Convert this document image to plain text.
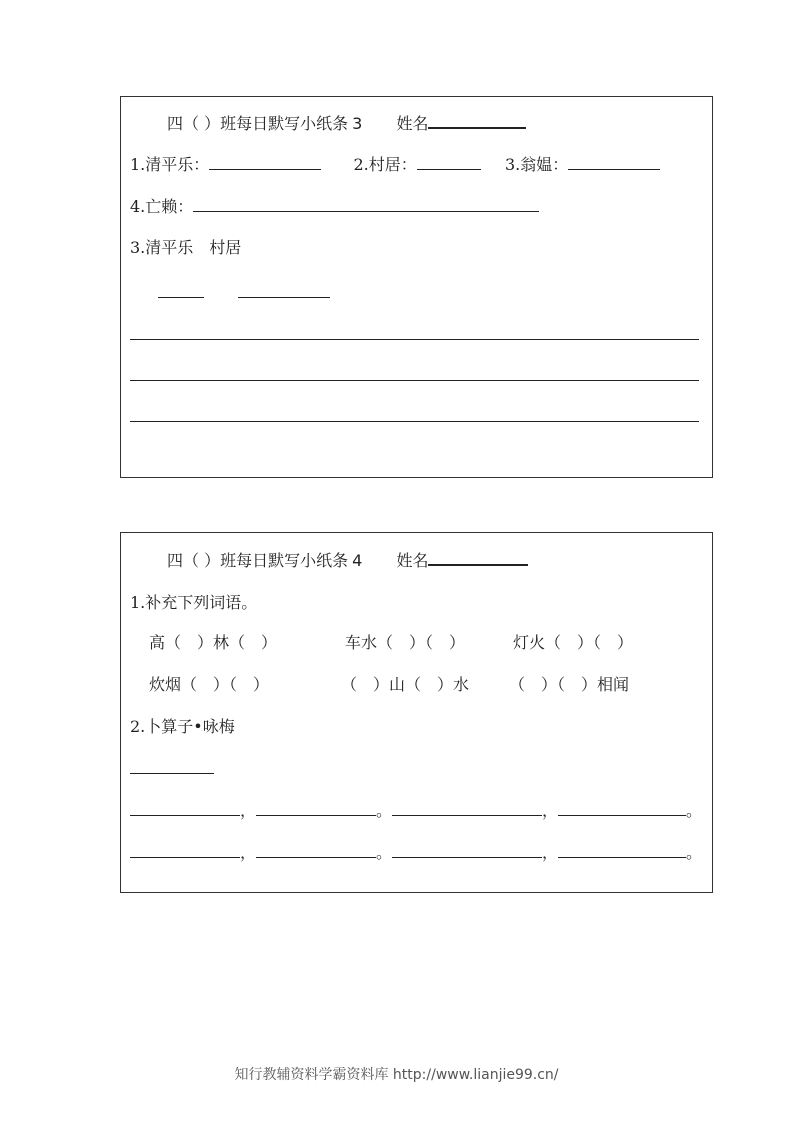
四（ ）班每日默写小纸条 3 姓名
1.清平乐：	2.村居：	3.翁媪：
4.亡赖：
3.清平乐　村居

四（ ）班每日默写小纸条 4 姓名
1.补充下列词语。
高（　）林（　）	车水（　）（　）	灯火（　）（　）
炊烟（　）（　）	（　）山（　）水 （　）（　）相闻
2.卜算子•咏梅
，	。	，	。
，	。	，	。
知行教辅资料学霸资料库 http://www.lianjie99.cn/
